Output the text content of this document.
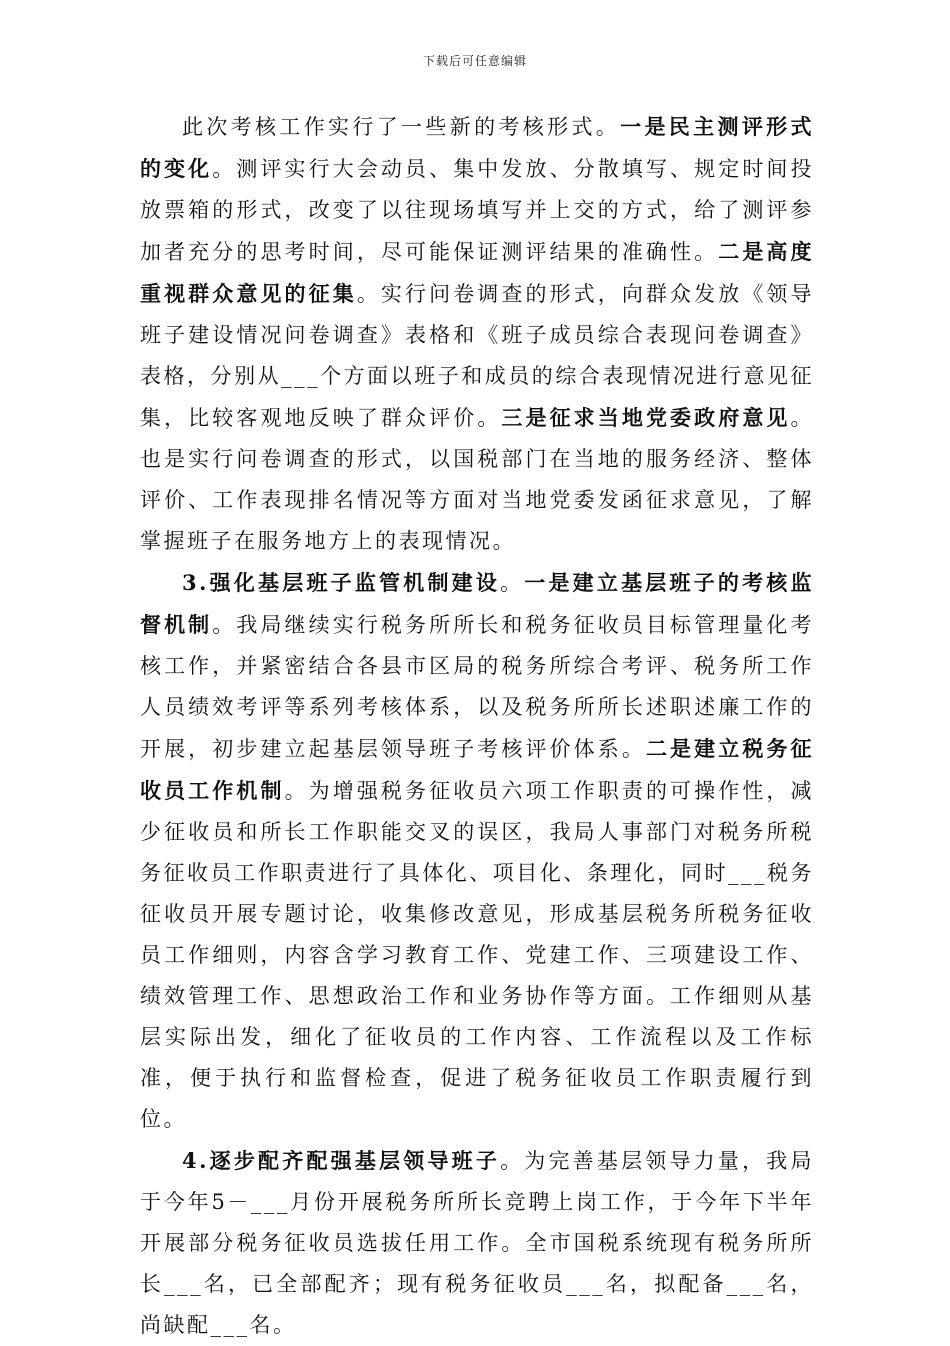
下载后可任意编辑

此次考核工作实行了一些新的考核形式。一是民主测评形式的变化。测评实行大会动员、集中发放、分散填写、规定时间投放票箱的形式，改变了以往现场填写并上交的方式，给了测评参加者充分的思考时间，尽可能保证测评结果的准确性。二是高度重视群众意见的征集。实行问卷调查的形式，向群众发放《领导班子建设情况问卷调查》表格和《班子成员综合表现问卷调查》表格，分别从___个方面以班子和成员的综合表现情况进行意见征集，比较客观地反映了群众评价。三是征求当地党委政府意见。也是实行问卷调查的形式，以国税部门在当地的服务经济、整体评价、工作表现排名情况等方面对当地党委发函征求意见，了解掌握班子在服务地方上的表现情况。

3.强化基层班子监管机制建设。一是建立基层班子的考核监督机制。我局继续实行税务所所长和税务征收员目标管理量化考核工作，并紧密结合各县市区局的税务所综合考评、税务所工作人员绩效考评等系列考核体系，以及税务所所长述职述廉工作的开展，初步建立起基层领导班子考核评价体系。二是建立税务征收员工作机制。为增强税务征收员六项工作职责的可操作性，减少征收员和所长工作职能交叉的误区，我局人事部门对税务所税务征收员工作职责进行了具体化、项目化、条理化，同时___税务征收员开展专题讨论，收集修改意见，形成基层税务所税务征收员工作细则，内容含学习教育工作、党建工作、三项建设工作、绩效管理工作、思想政治工作和业务协作等方面。工作细则从基层实际出发，细化了征收员的工作内容、工作流程以及工作标准，便于执行和监督检查，促进了税务征收员工作职责履行到位。

4.逐步配齐配强基层领导班子。为完善基层领导力量，我局于今年5－___月份开展税务所所长竞聘上岗工作，于今年下半年开展部分税务征收员选拔任用工作。全市国税系统现有税务所所长___名，已全部配齐；现有税务征收员___名，拟配备___名，尚缺配___名。
